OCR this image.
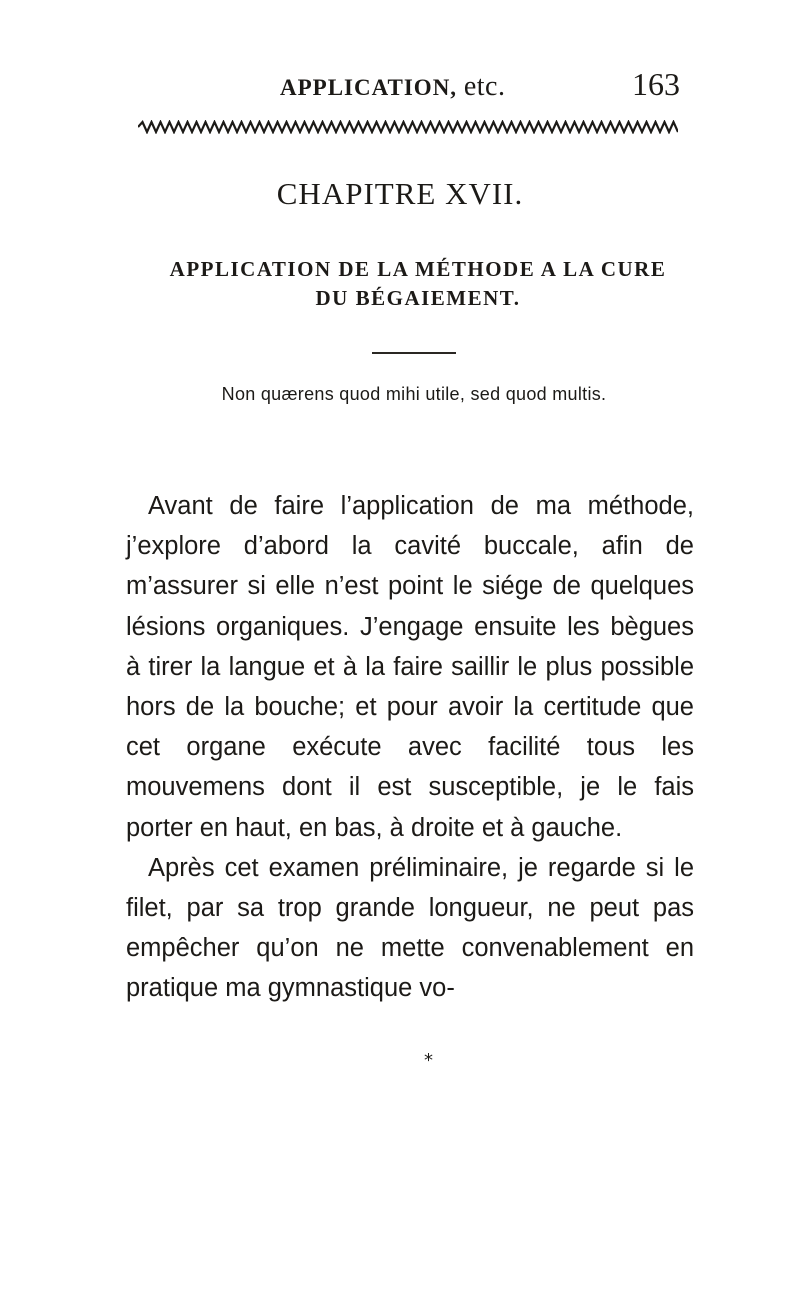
APPLICATION, etc.	163
CHAPITRE XVII.
APPLICATION DE LA MÉTHODE A LA CURE
DU BÉGAIEMENT.
Non quærens quod mihi utile, sed quod multis.

Avant de faire l’application de ma méthode, j’explore d’abord la cavité buccale, afin de m’assurer si elle n’est point le siége de quelques lésions organiques. J’engage ensuite les bègues à tirer la langue et à la faire saillir le plus possible hors de la bouche; et pour avoir la certitude que cet organe exécute avec facilité tous les mouvemens dont il est susceptible, je le fais porter en haut, en bas, à droite et à gauche.

Après cet examen préliminaire, je regarde si le filet, par sa trop grande longueur, ne peut pas empêcher qu’on ne mette convenablement en pratique ma gymnastique vo-

*
